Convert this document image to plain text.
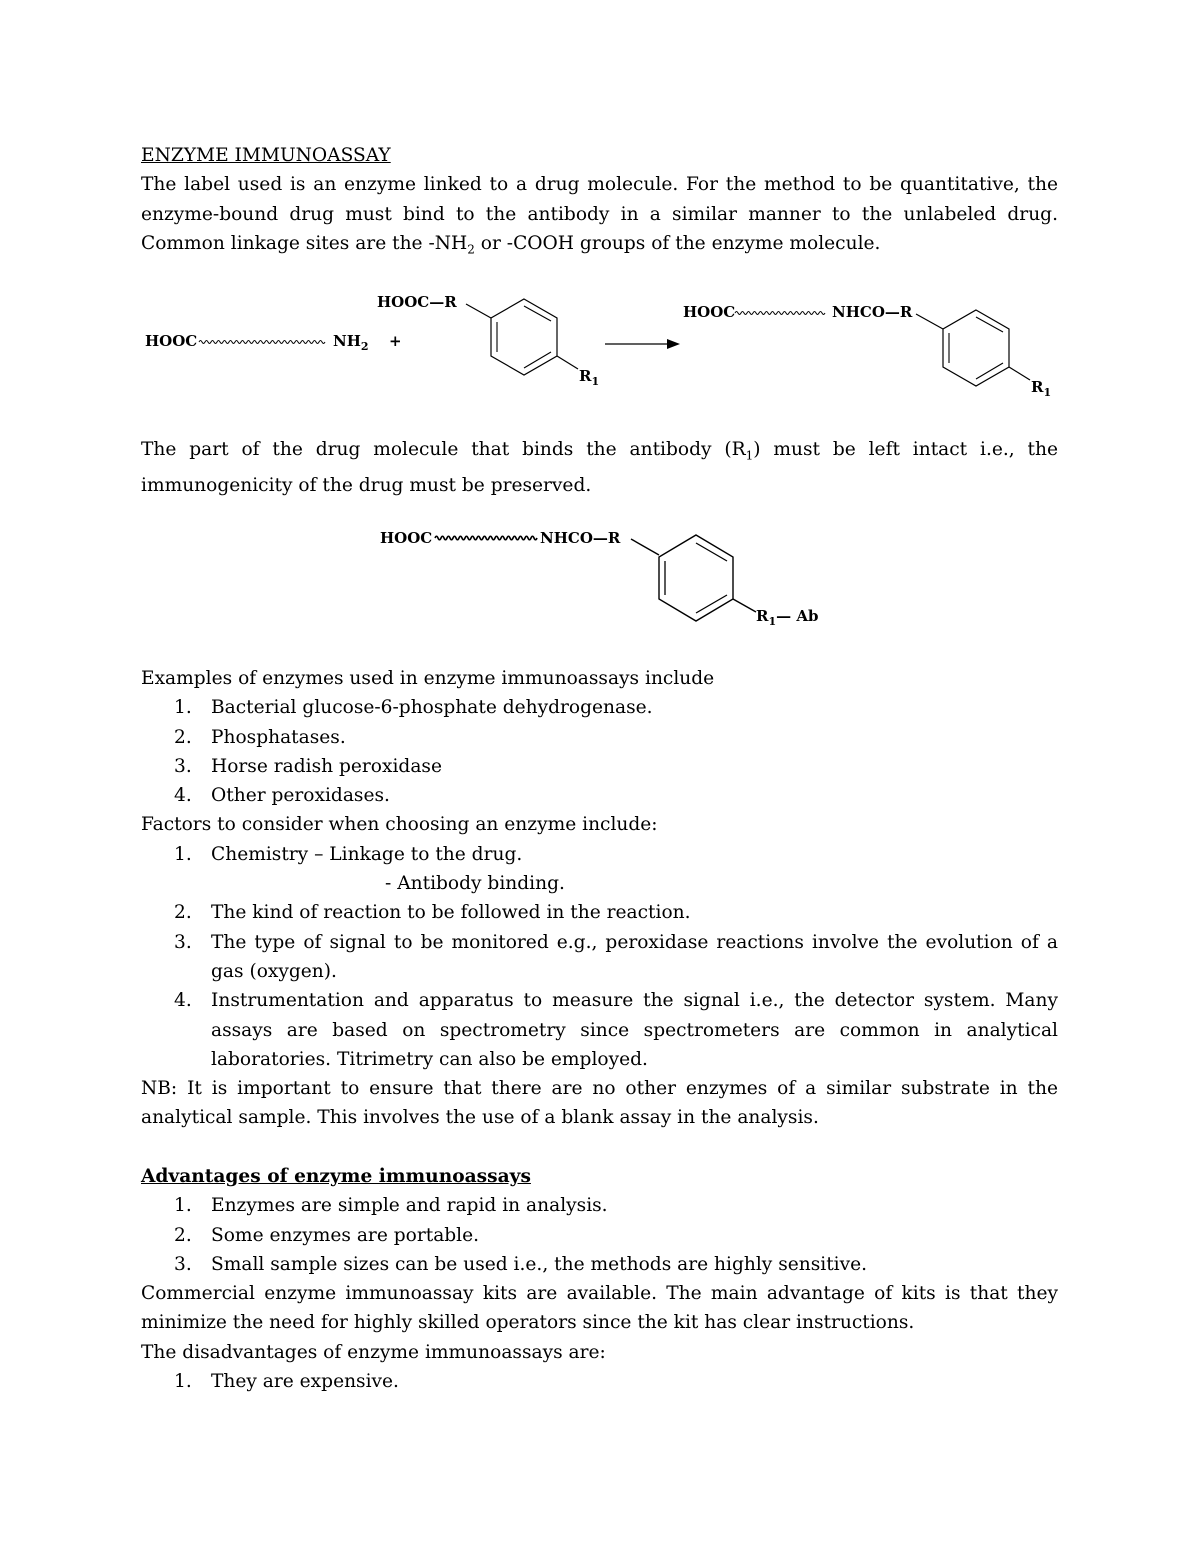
ENZYME IMMUNOASSAY
The label used is an enzyme linked to a drug molecule. For the method to be quantitative, the enzyme-bound drug must bind to the antibody in a similar manner to the unlabeled drug. Common linkage sites are the $-NH_2$ or -COOH groups of the enzyme molecule.
HOOC	$NH_2$ +
HOOC—R
$R_1$
HOOC	NHCO—R
$R_1$
The part of the drug molecule that binds the antibody $(R_1)$ must be left intact i.e., the immunogenicity of the drug must be preserved.
HOOC	NHCO—R
$R_1—$ Ab
Examples of enzymes used in enzyme immunoassays include
1. Bacterial glucose-6-phosphate dehydrogenase.
2. Phosphatases.
3. Horse radish peroxidase
4. Other peroxidases.
Factors to consider when choosing an enzyme include:
1. Chemistry – Linkage to the drug.
- Antibody binding.
2. The kind of reaction to be followed in the reaction.
3. The type of signal to be monitored e.g., peroxidase reactions involve the evolution of a gas (oxygen).
4. Instrumentation and apparatus to measure the signal i.e., the detector system. Many assays are based on spectrometry since spectrometers are common in analytical laboratories. Titrimetry can also be employed.
NB: It is important to ensure that there are no other enzymes of a similar substrate in the analytical sample. This involves the use of a blank assay in the analysis.
Advantages of enzyme immunoassays
1. Enzymes are simple and rapid in analysis.
2. Some enzymes are portable.
3. Small sample sizes can be used i.e., the methods are highly sensitive.
Commercial enzyme immunoassay kits are available. The main advantage of kits is that they minimize the need for highly skilled operators since the kit has clear instructions.
The disadvantages of enzyme immunoassays are:
1. They are expensive.
